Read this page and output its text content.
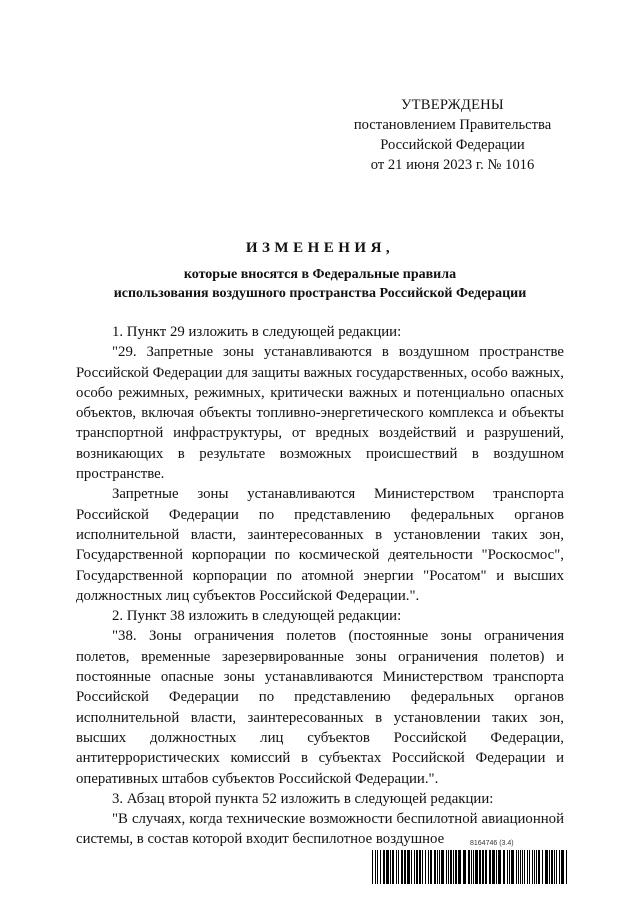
УТВЕРЖДЕНЫ
постановлением Правительства
Российской Федерации
от 21 июня 2023 г. № 1016
ИЗМЕНЕНИЯ,
которые вносятся в Федеральные правила
использования воздушного пространства Российской Федерации

1. Пункт 29 изложить в следующей редакции:

"29. Запретные зоны устанавливаются в воздушном пространстве Российской Федерации для защиты важных государственных, особо важных, особо режимных, режимных, критически важных и потенциально опасных объектов, включая объекты топливно-энергетического комплекса и объекты транспортной инфраструктуры, от вредных воздействий и разрушений, возникающих в результате возможных происшествий в воздушном пространстве.

Запретные зоны устанавливаются Министерством транспорта Российской Федерации по представлению федеральных органов исполнительной власти, заинтересованных в установлении таких зон, Государственной корпорации по космической деятельности "Роскосмос", Государственной корпорации по атомной энергии "Росатом" и высших должностных лиц субъектов Российской Федерации.".

2. Пункт 38 изложить в следующей редакции:

"38. Зоны ограничения полетов (постоянные зоны ограничения полетов, временные зарезервированные зоны ограничения полетов) и постоянные опасные зоны устанавливаются Министерством транспорта Российской Федерации по представлению федеральных органов исполнительной власти, заинтересованных в установлении таких зон, высших должностных лиц субъектов Российской Федерации, антитеррористических комиссий в субъектах Российской Федерации и оперативных штабов субъектов Российской Федерации.".

3. Абзац второй пункта 52 изложить в следующей редакции:

"В случаях, когда технические возможности беспилотной авиационной системы, в состав которой входит беспилотное воздушное	8164746 (3.4)
